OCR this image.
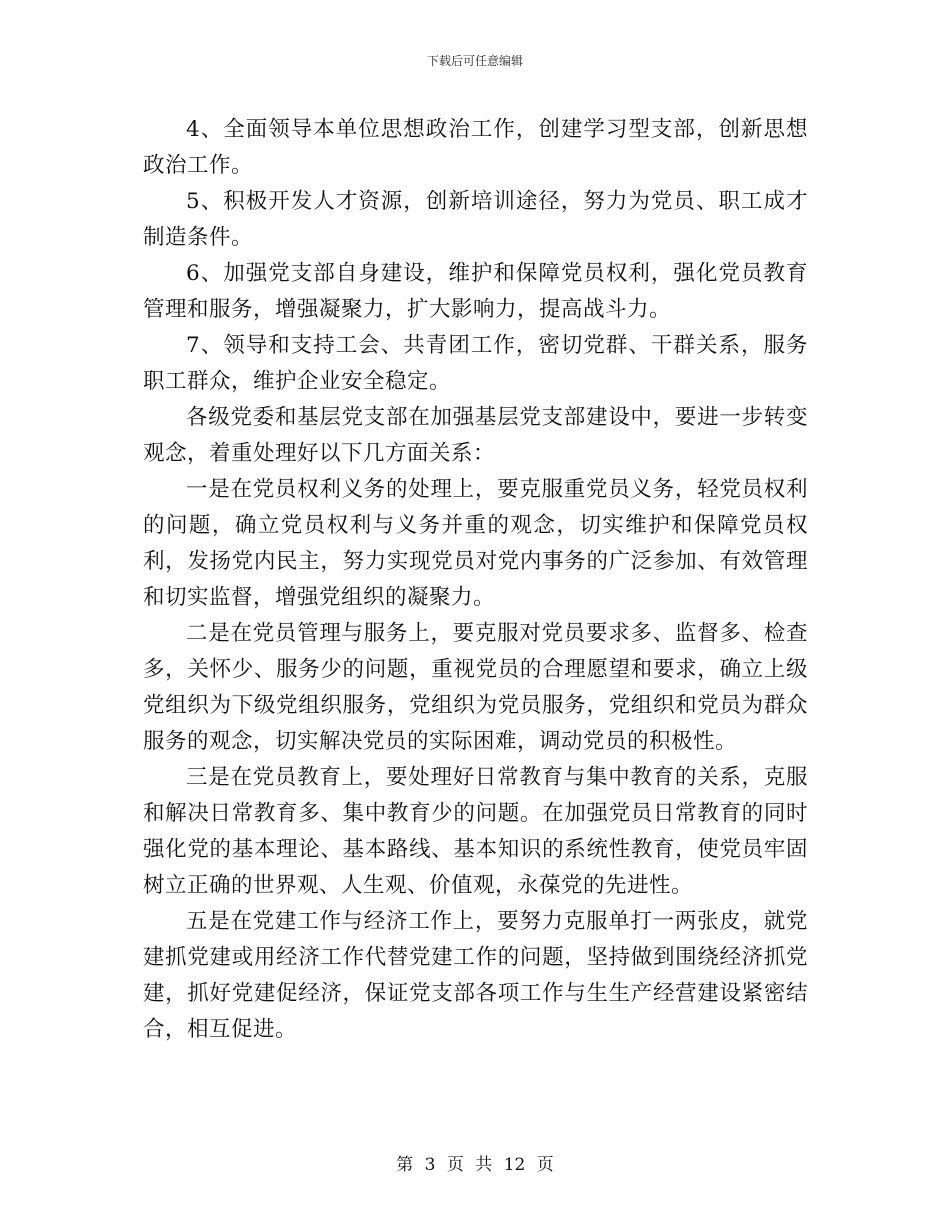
下载后可任意编辑

4、全面领导本单位思想政治工作，创建学习型支部，创新思想政治工作。

5、积极开发人才资源，创新培训途径，努力为党员、职工成才制造条件。

6、加强党支部自身建设，维护和保障党员权利，强化党员教育管理和服务，增强凝聚力，扩大影响力，提高战斗力。

7、领导和支持工会、共青团工作，密切党群、干群关系，服务职工群众，维护企业安全稳定。

各级党委和基层党支部在加强基层党支部建设中，要进一步转变观念，着重处理好以下几方面关系：

一是在党员权利义务的处理上，要克服重党员义务，轻党员权利的问题，确立党员权利与义务并重的观念，切实维护和保障党员权利，发扬党内民主，努力实现党员对党内事务的广泛参加、有效管理和切实监督，增强党组织的凝聚力。

二是在党员管理与服务上，要克服对党员要求多、监督多、检查多，关怀少、服务少的问题，重视党员的合理愿望和要求，确立上级党组织为下级党组织服务，党组织为党员服务，党组织和党员为群众服务的观念，切实解决党员的实际困难，调动党员的积极性。

三是在党员教育上，要处理好日常教育与集中教育的关系，克服和解决日常教育多、集中教育少的问题。在加强党员日常教育的同时强化党的基本理论、基本路线、基本知识的系统性教育，使党员牢固树立正确的世界观、人生观、价值观，永葆党的先进性。

五是在党建工作与经济工作上，要努力克服单打一两张皮，就党建抓党建或用经济工作代替党建工作的问题，坚持做到围绕经济抓党建，抓好党建促经济，保证党支部各项工作与生生产经营建设紧密结合，相互促进。

第 3 页 共 12 页
